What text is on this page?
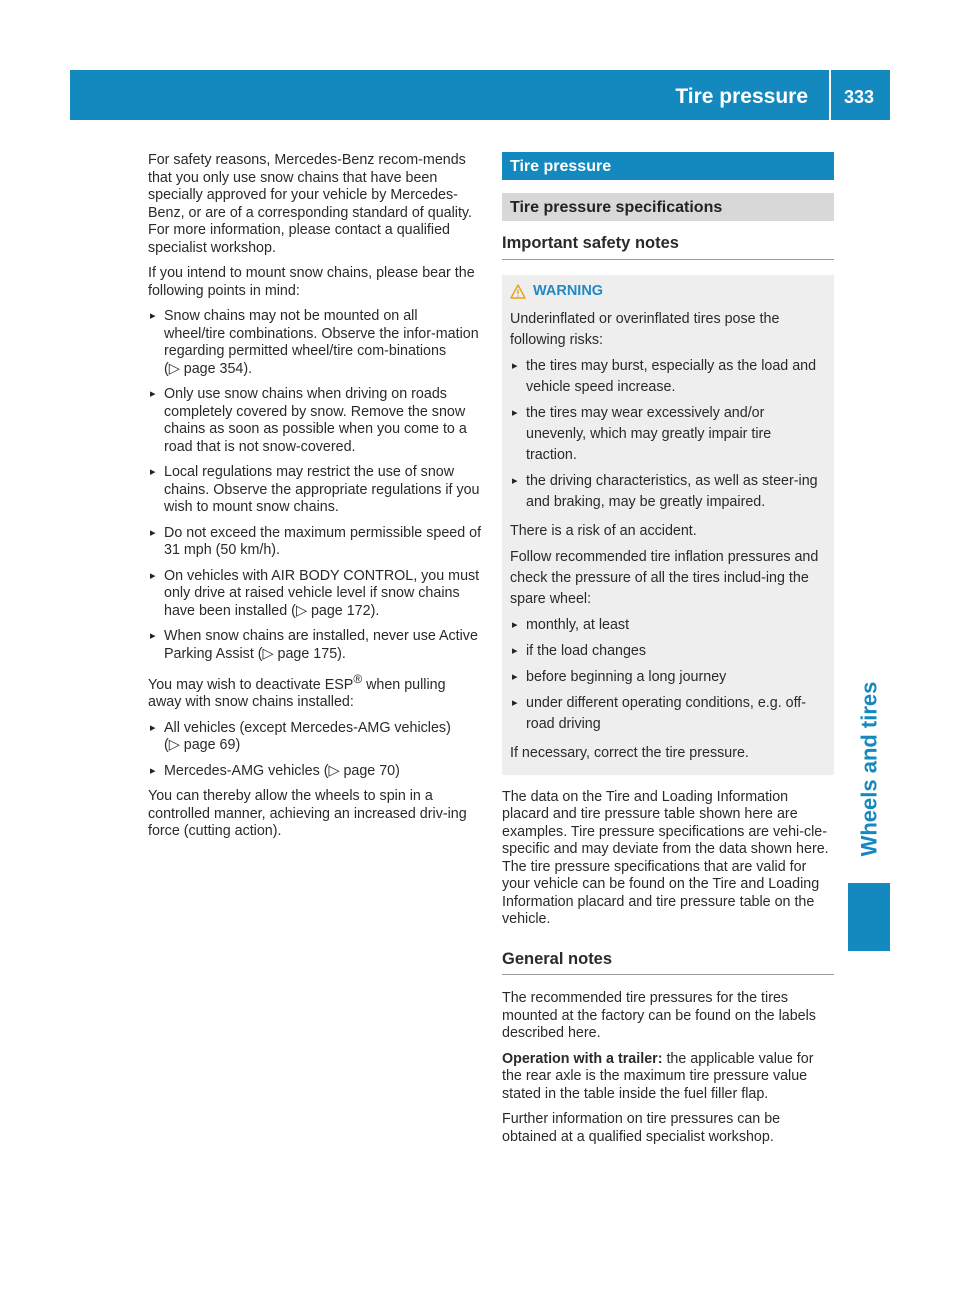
Tire pressure	333
Wheels and tires

For safety reasons, Mercedes-Benz recom-mends that you only use snow chains that have been specially approved for your vehicle by Mercedes-Benz, or are of a corresponding standard of quality. For more information, please contact a qualified specialist workshop.

If you intend to mount snow chains, please bear the following points in mind:

▸ Snow chains may not be mounted on all wheel/tire combinations. Observe the infor-mation regarding permitted wheel/tire com-binations (▷ page 354).
▸ Only use snow chains when driving on roads completely covered by snow. Remove the snow chains as soon as possible when you come to a road that is not snow-covered.
▸ Local regulations may restrict the use of snow chains. Observe the appropriate regulations if you wish to mount snow chains.
▸ Do not exceed the maximum permissible speed of 31 mph (50 km/h).
▸ On vehicles with AIR BODY CONTROL, you must only drive at raised vehicle level if snow chains have been installed (▷ page 172).
▸ When snow chains are installed, never use Active Parking Assist (▷ page 175).

You may wish to deactivate ESP® when pulling away with snow chains installed:

▸ All vehicles (except Mercedes-AMG vehicles) (▷ page 69)
▸ Mercedes-AMG vehicles (▷ page 70)

You can thereby allow the wheels to spin in a controlled manner, achieving an increased driv-ing force (cutting action).

Tire pressure
Tire pressure specifications
Important safety notes
WARNING

Underinflated or overinflated tires pose the following risks:

▸ the tires may burst, especially as the load and vehicle speed increase.
▸ the tires may wear excessively and/or unevenly, which may greatly impair tire traction.
▸ the driving characteristics, as well as steer-ing and braking, may be greatly impaired.

There is a risk of an accident.

Follow recommended tire inflation pressures and check the pressure of all the tires includ-ing the spare wheel:

▸ monthly, at least
▸ if the load changes
▸ before beginning a long journey
▸ under different operating conditions, e.g. off-road driving

If necessary, correct the tire pressure.

The data on the Tire and Loading Information placard and tire pressure table shown here are examples. Tire pressure specifications are vehi-cle-specific and may deviate from the data shown here. The tire pressure specifications that are valid for your vehicle can be found on the Tire and Loading Information placard and tire pressure table on the vehicle.

General notes

The recommended tire pressures for the tires mounted at the factory can be found on the labels described here.

Operation with a trailer: the applicable value for the rear axle is the maximum tire pressure value stated in the table inside the fuel filler flap.

Further information on tire pressures can be obtained at a qualified specialist workshop.
